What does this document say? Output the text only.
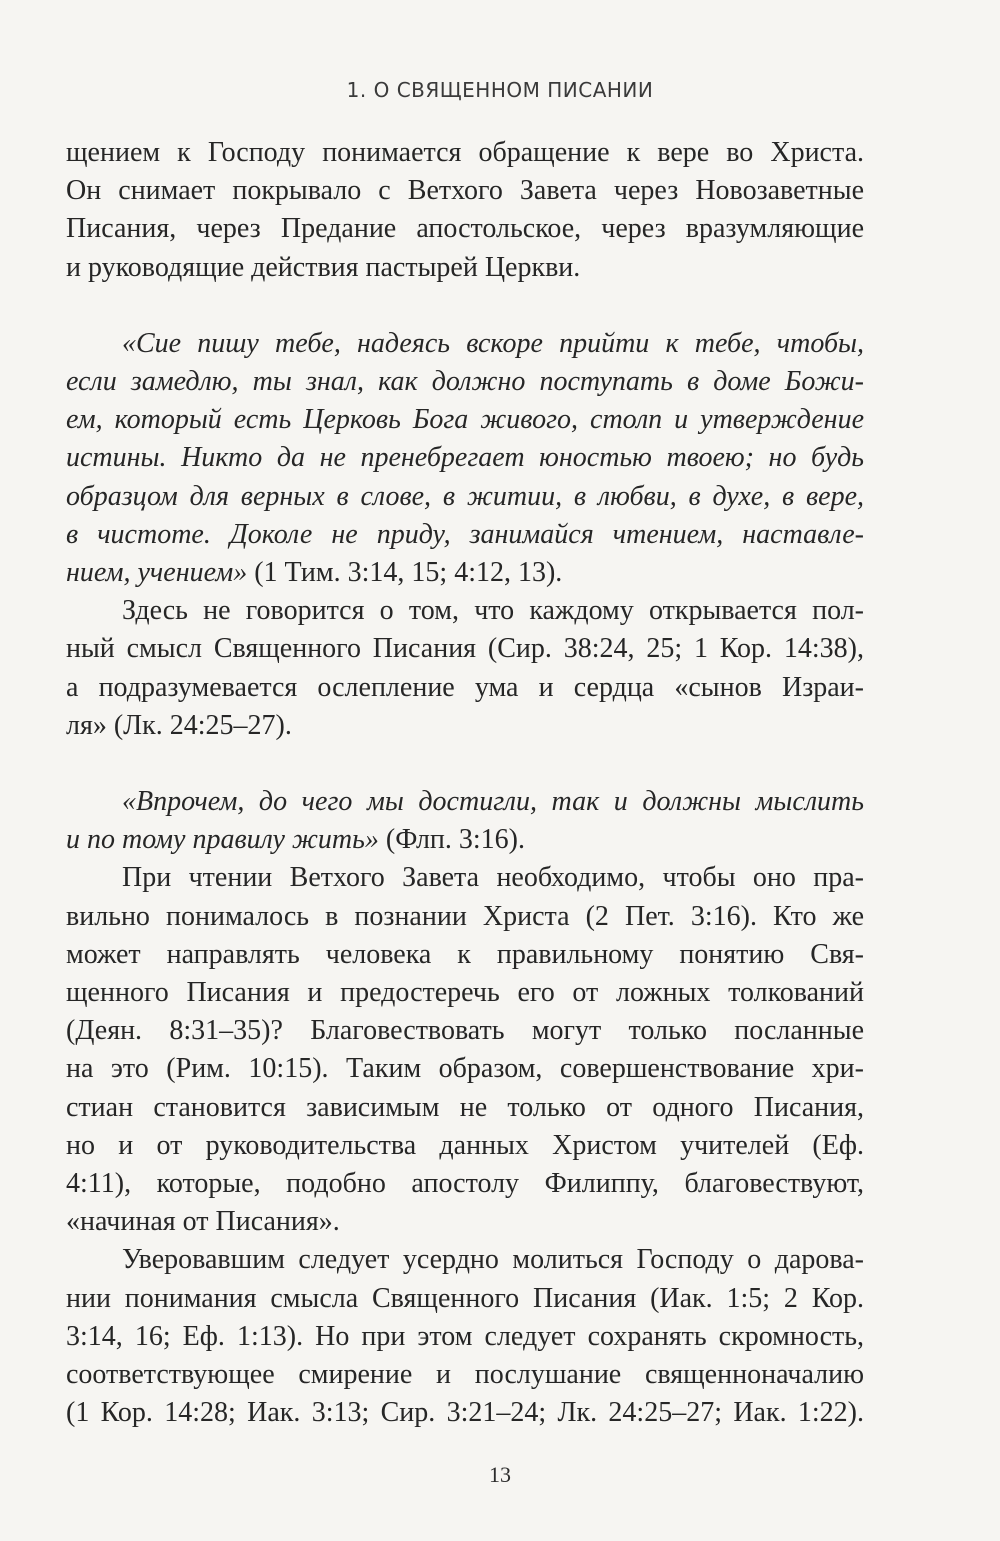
1. О СВЯЩЕННОМ ПИСАНИИ
щением к Господу понимается обращение к вере во Христа.
Он снимает покрывало с Ветхого Завета через Новозаветные
Писания, через Предание апостольское, через вразумляющие
и руководящие действия пастырей Церкви.
«Сие пишу тебе, надеясь вскоре прийти к тебе, чтобы,
если замедлю, ты знал, как должно поступать в доме Божи-
ем, который есть Церковь Бога живого, столп и утверждение
истины. Никто да не пренебрегает юностью твоею; но будь
образцом для верных в слове, в житии, в любви, в духе, в вере,
в чистоте. Доколе не приду, занимайся чтением, наставле-
нием, учением» (1 Тим. 3:14, 15; 4:12, 13).
Здесь не говорится о том, что каждому открывается пол-
ный смысл Священного Писания (Сир. 38:24, 25; 1 Кор. 14:38),
а подразумевается ослепление ума и сердца «сынов Израи-
ля» (Лк. 24:25–27).
«Впрочем, до чего мы достигли, так и должны мыслить
и по тому правилу жить» (Флп. 3:16).
При чтении Ветхого Завета необходимо, чтобы оно пра-
вильно понималось в познании Христа (2 Пет. 3:16). Кто же
может направлять человека к правильному понятию Свя-
щенного Писания и предостеречь его от ложных толкований
(Деян. 8:31–35)? Благовествовать могут только посланные
на это (Рим. 10:15). Таким образом, совершенствование хри-
стиан становится зависимым не только от одного Писания,
но и от руководительства данных Христом учителей (Еф.
4:11), которые, подобно апостолу Филиппу, благовествуют,
«начиная от Писания».
Уверовавшим следует усердно молиться Господу о дарова-
нии понимания смысла Священного Писания (Иак. 1:5; 2 Кор.
3:14, 16; Еф. 1:13). Но при этом следует сохранять скромность,
соответствующее смирение и послушание священноначалию
(1 Кор. 14:28; Иак. 3:13; Сир. 3:21–24; Лк. 24:25–27; Иак. 1:22).
13
